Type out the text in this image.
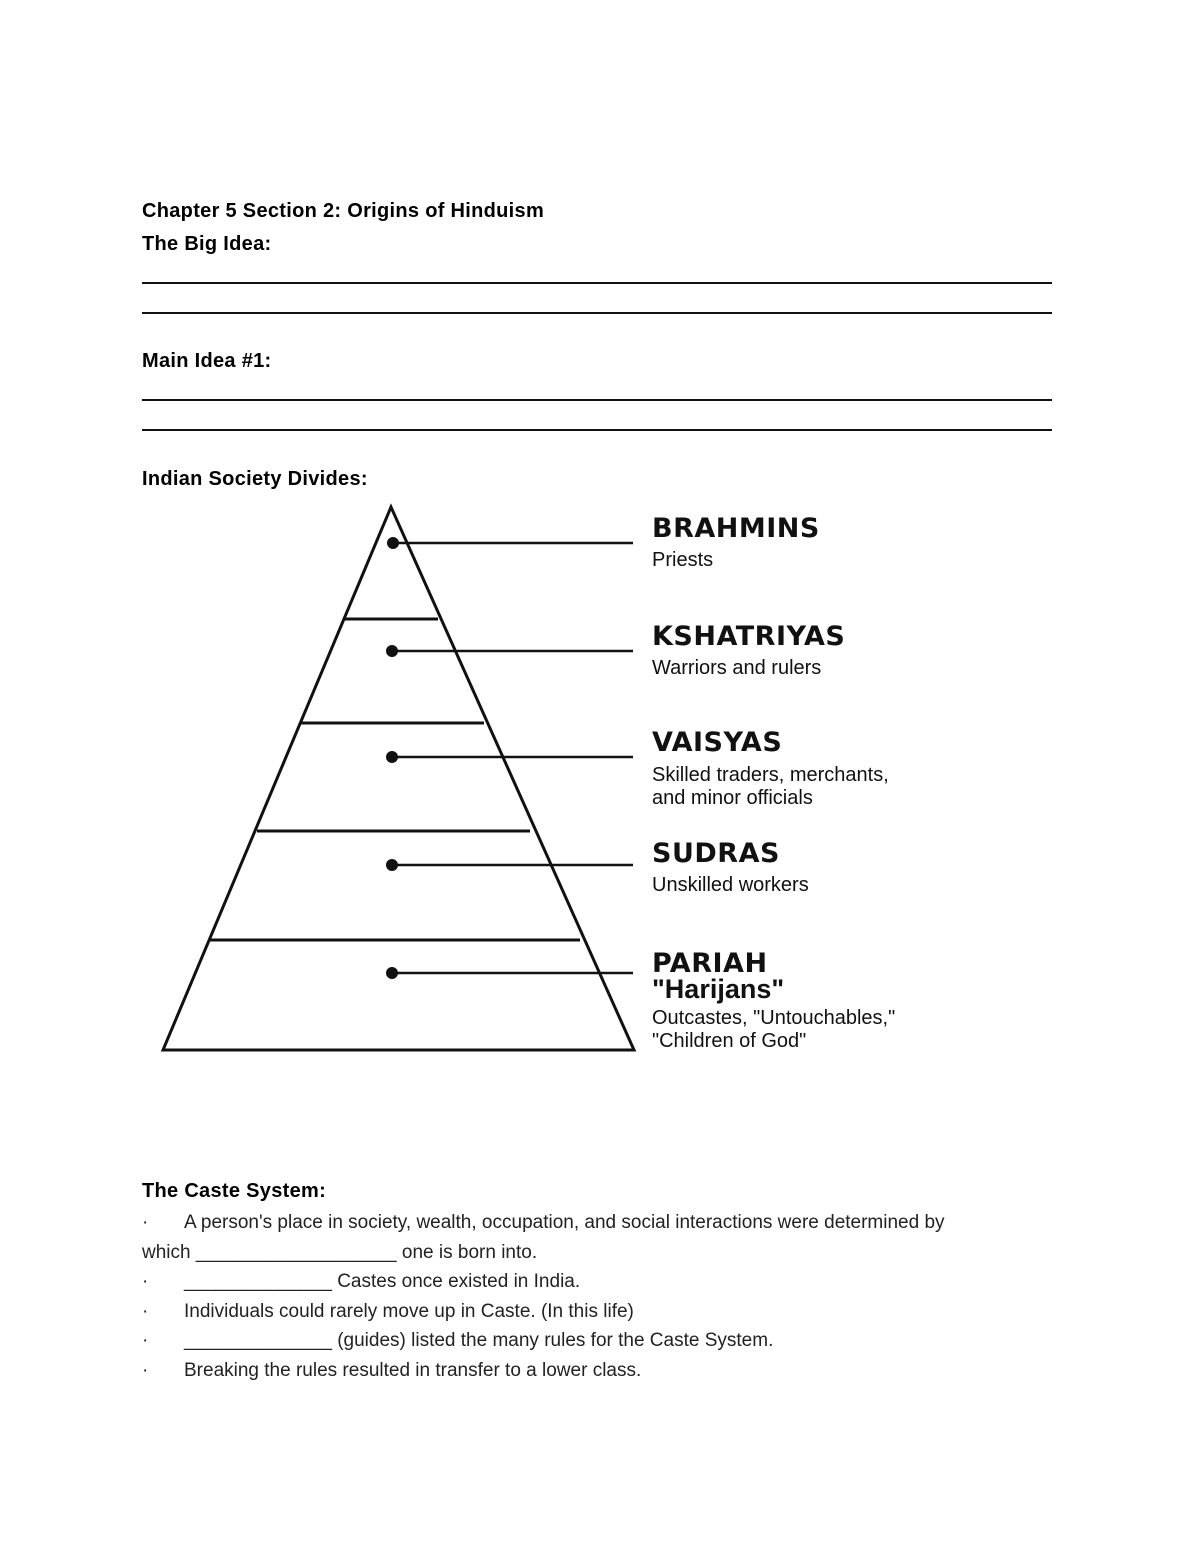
Chapter 5 Section 2: Origins of Hinduism
The Big Idea:
Main Idea #1:
Indian Society Divides:
BRAHMINS
Priests
KSHATRIYAS
Warriors and rulers
VAISYAS
Skilled traders, merchants,
and minor officials
SUDRAS
Unskilled workers
PARIAH
"Harijans"
Outcastes, "Untouchables,"
"Children of God"
The Caste System:
·	A person's place in society, wealth, occupation, and social interactions were determined by
which ___________________ one is born into.
·	______________ Castes once existed in India.
·	Individuals could rarely move up in Caste. (In this life)
·	______________ (guides) listed the many rules for the Caste System.
·	Breaking the rules resulted in transfer to a lower class.
